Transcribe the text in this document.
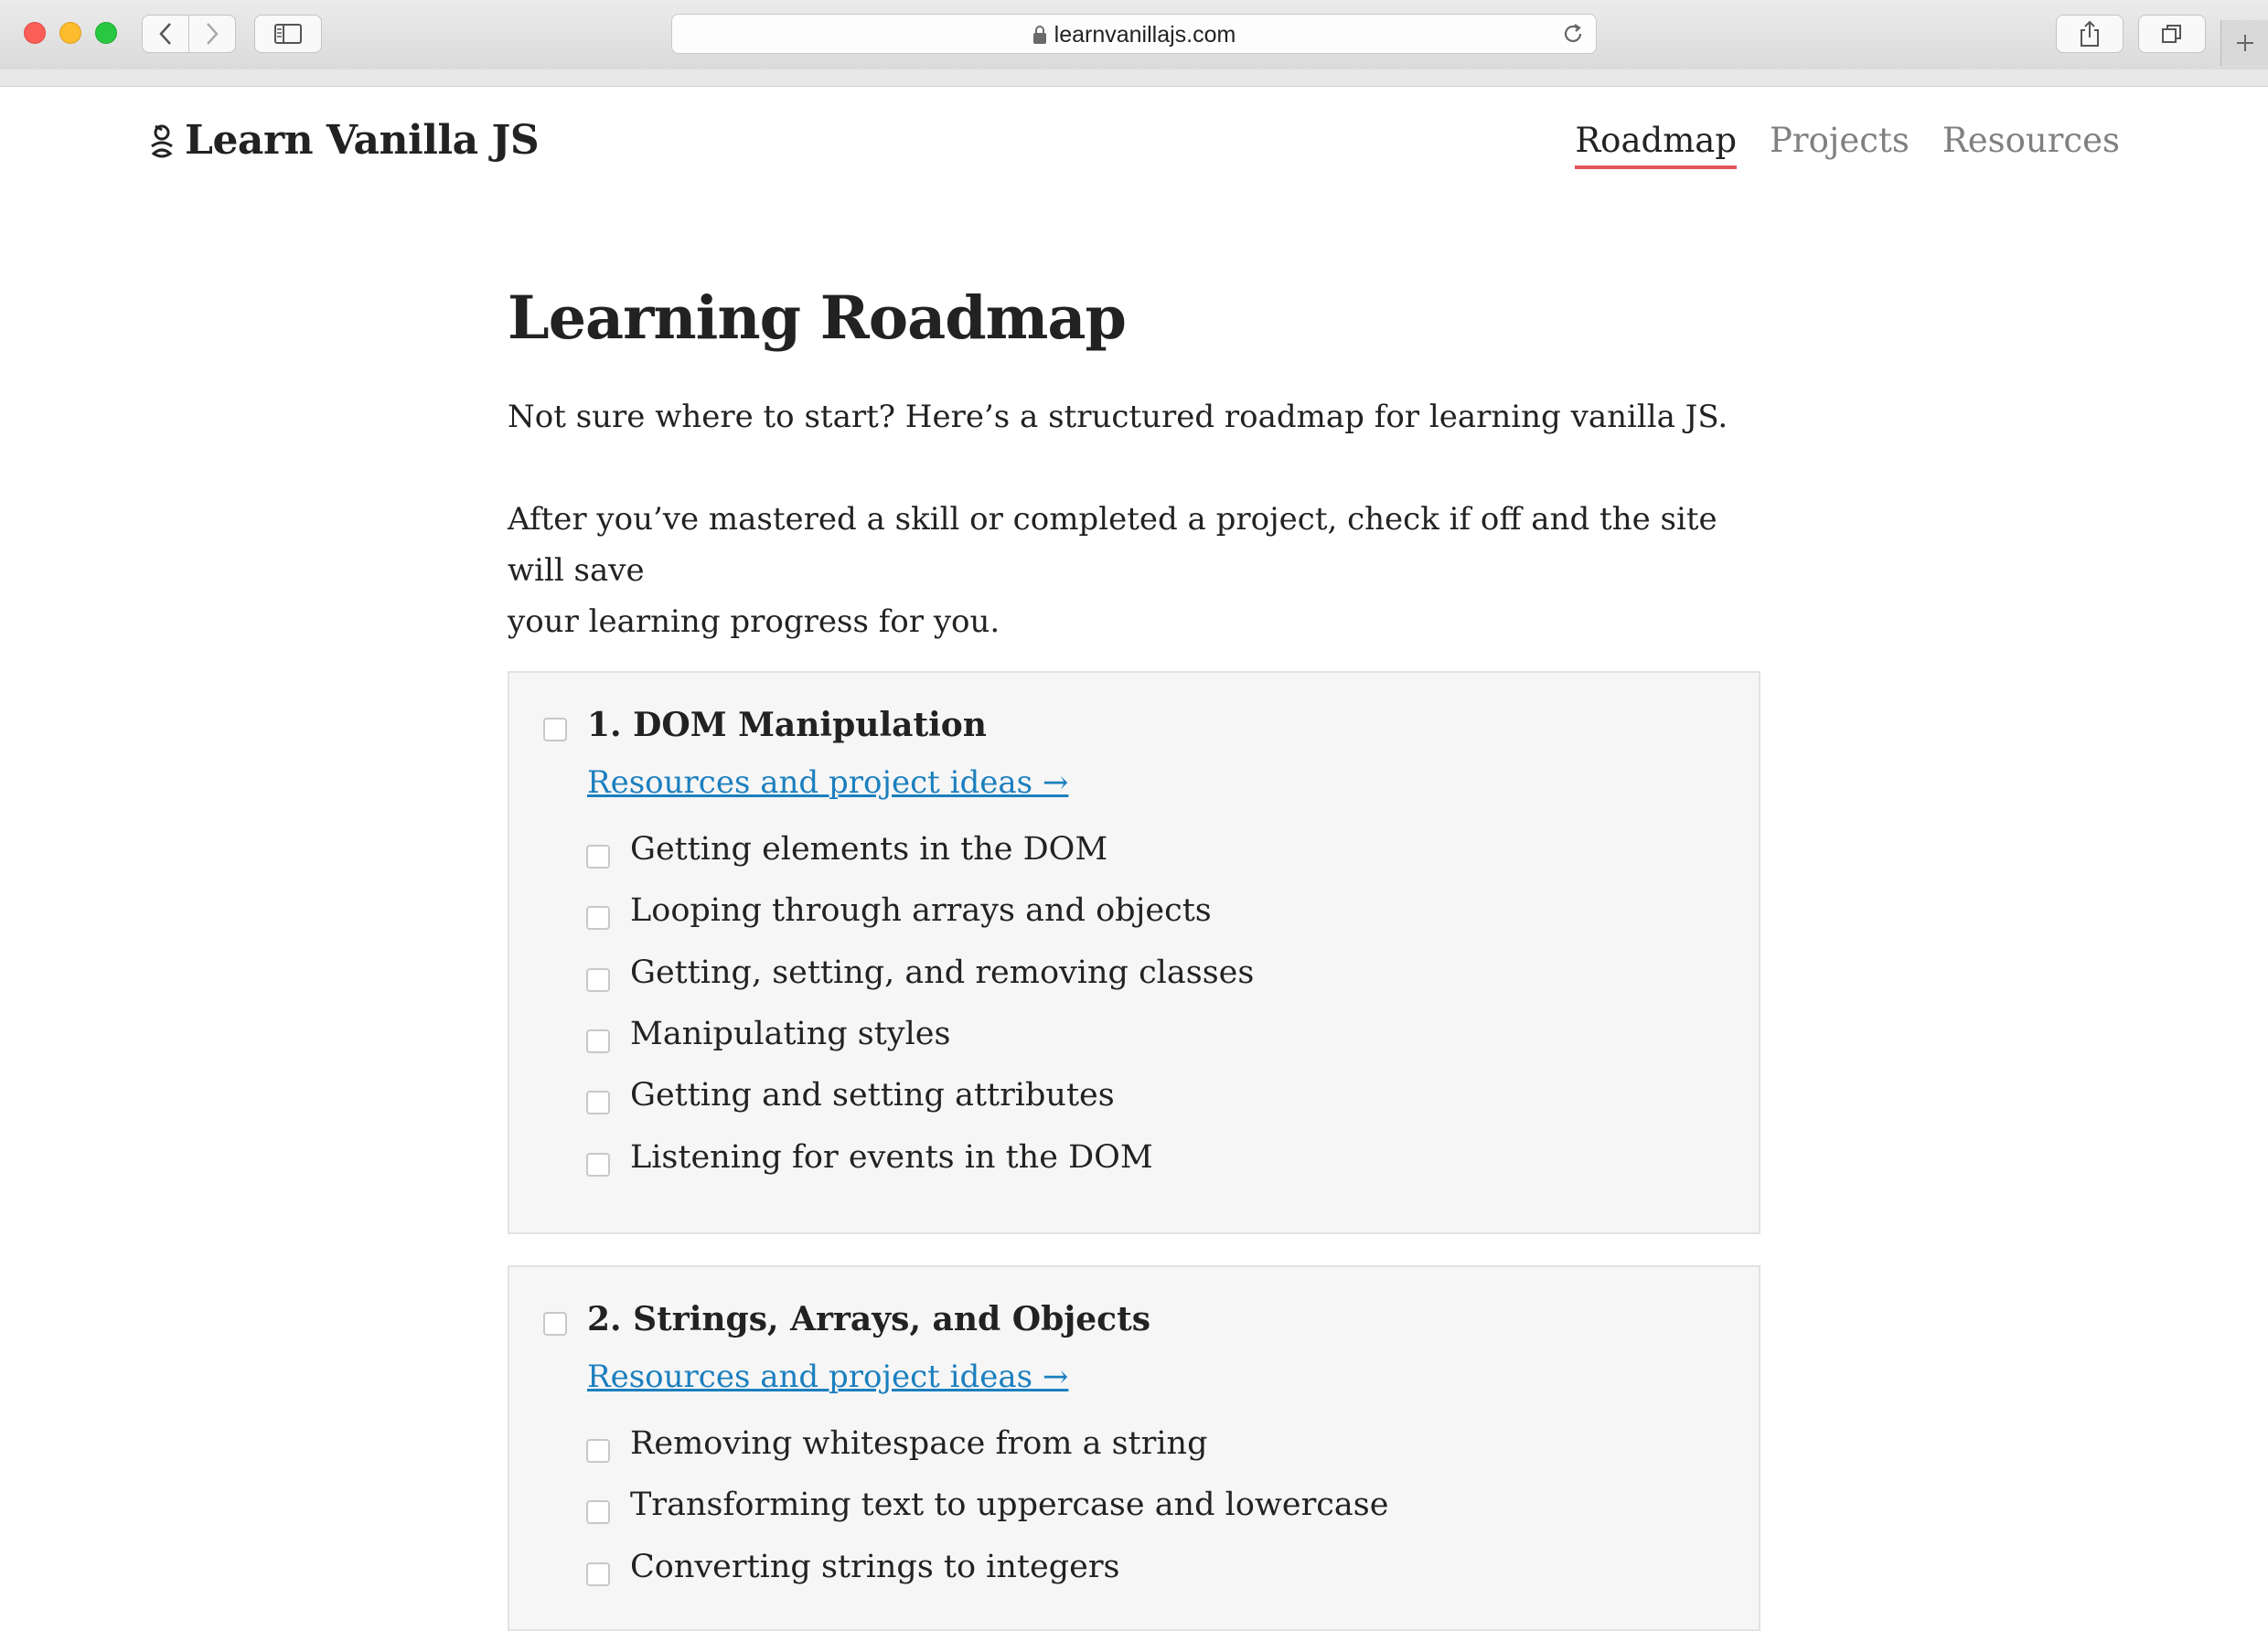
learnvanillajs.com
Learn Vanilla JS	Roadmap Projects Resources
Learning Roadmap

Not sure where to start? Here’s a structured roadmap for learning vanilla JS.

After you’ve mastered a skill or completed a project, check if off and the site will save
your learning progress for you.

1. DOM Manipulation
Resources and project ideas →
Getting elements in the DOM
Looping through arrays and objects
Getting, setting, and removing classes
Manipulating styles
Getting and setting attributes
Listening for events in the DOM
2. Strings, Arrays, and Objects
Resources and project ideas →
Removing whitespace from a string
Transforming text to uppercase and lowercase
Converting strings to integers
